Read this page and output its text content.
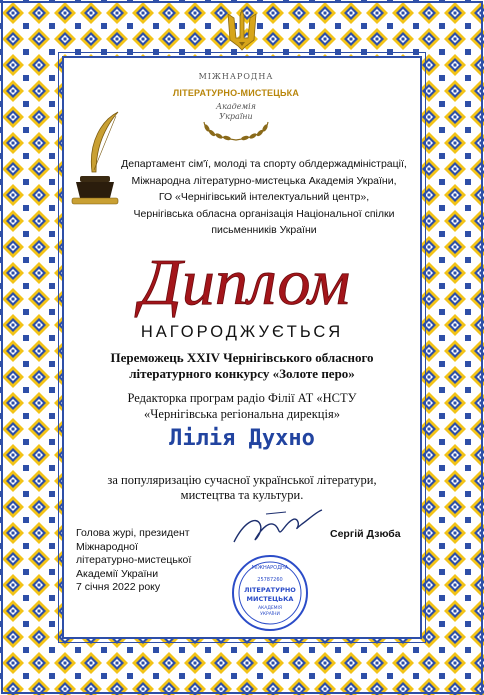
МІЖНАРОДНА
ЛІТЕРАТУРНО-МИСТЕЦЬКА
Академія
України
Департамент сім'ї, молоді та спорту облдержадміністрації,
Міжнародна літературно-мистецька Академія України,
ГО «Чернігівський інтелектуальний центр»,
Чернігівська обласна організація Національної спілки
письменників України
Диплом
НАГОРОДЖУЄТЬСЯ
Переможець XXIV Чернігівського обласного
літературного конкурсу «Золоте перо»
Редакторка програм радіо Філії АТ «НСТУ
«Чернігівська регіональна дирекція»
Лілія Духно
за популяризацію сучасної української літератури,
мистецтва та культури.
Голова журі, президент
Міжнародної
літературно-мистецької
Академії України
7 січня 2022 року
Сергій Дзюба
МІЖНАРОДНА
25787260
ЛІТЕРАТУРНО
МИСТЕЦЬКА
АКАДЕМІЯ
УКРАЇНИ
